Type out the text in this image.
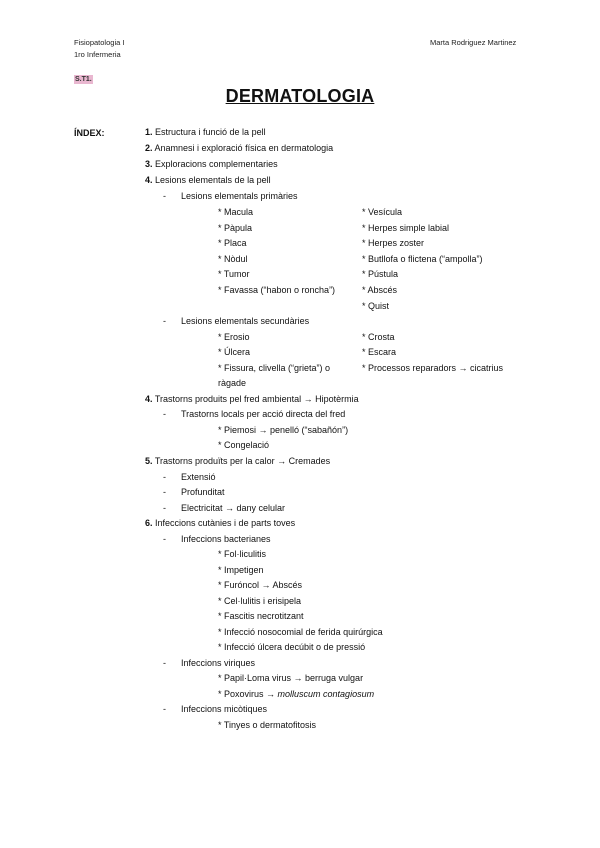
Fisiopatologia I
1ro Infermeria
Marta Rodriguez Martinez
S.T1.
DERMATOLOGIA
ÍNDEX:	1. Estructura i funció de la pell
2. Anamnesi i exploració física en dermatologia
3. Exploracions complementaries
4. Lesions elementals de la pell
- Lesions elementals primàries
* Macula
* Pàpula
* Placa
* Nòdul
* Tumor
* Favassa (“habon o roncha”)
* Vesícula
* Herpes simple labial
* Herpes zoster
* Butllofa o flictena (“ampolla”)
* Pústula
* Abscés
* Quist
- Lesions elementals secundàries
* Erosio
* Úlcera
* Fissura, clivella (“grieta”) o
ràgade
* Crosta
* Escara
* Processos reparadors → cicatrius
4. Trastorns produits pel fred ambiental → Hipotèrmia
- Trastorns locals per acció directa del fred
* Piemosi → penelló (“sabañón”)
* Congelació
5. Trastorns produïts per la calor → Cremades
- Extensió
- Profunditat
- Electricitat → dany celular
6. Infeccions cutànies i de parts toves
- Infeccions bacterianes
* Fol·liculitis
* Impetigen
* Furóncol → Abscés
* Cel·lulitis i erisipela
* Fascitis necrotitzant
* Infecció nosocomial de ferida quirúrgica
* Infecció úlcera decúbit o de pressió
- Infeccions viriques
* Papil·Loma virus → berruga vulgar
* Poxovirus → molluscum contagiosum
- Infeccions micòtiques
* Tinyes o dermatofitosis
